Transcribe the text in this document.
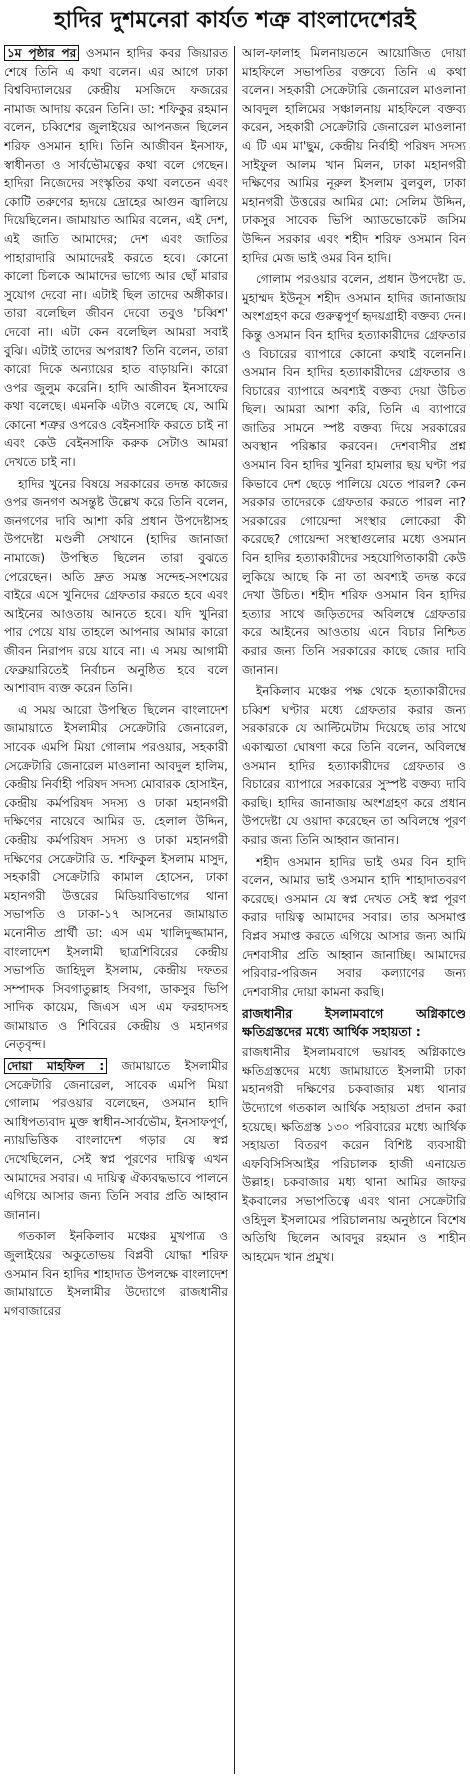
হাদির দুশমনেরা কার্যত শত্রু বাংলাদেশেরই

১ম পৃষ্ঠার পর ওসমান হাদির কবর জিয়ারত শেষে তিনি এ কথা বলেন। এর আগে ঢাকা বিশ্ববিদ্যালয়ের কেন্দ্রীয় মসজিদে ফজরের নামাজ আদায় করেন তিনি। ডা: শফিকুর রহমান বলেন, চব্বিশের জুলাইয়ের আপনজন ছিলেন শরিফ ওসমান হাদি। তিনি আজীবন ইনসাফ, স্বাধীনতা ও সার্বভৌমত্বের কথা বলে গেছেন। হাদিরা নিজেদের সংস্কৃতির কথা বলতেন এবং কোটি তরুণের হৃদয়ে দ্রোহের আগুন জ্বালিয়ে দিয়েছিলেন। জামায়াত আমির বলেন, এই দেশ, এই জাতি আমাদের; দেশ এবং জাতির পাহারাদারি আমাদেরই করতে হবে। কোনো কালো চিলকে আমাদের ভাগ্যে আর ছোঁ মারার সুযোগ দেবো না। এটাই ছিল তাদের অঙ্গীকার। তারা বলেছিল জীবন দেবো তবুও 'চব্বিশ' দেবো না। এটা কেন বলেছিল আমরা সবাই বুঝি। এটাই তাদের অপরাধ? তিনি বলেন, তারা কারো দিকে অন্যায়ের হাত বাড়ায়নি। কারো ওপর জুলুম করেনি। হাদি আজীবন ইনসাফের কথা বলেছে। এমনকি এটাও বলেছে যে, আমি কোনো শত্রুর ওপরেও বেইনসাফি করতে চাই না এবং কেউ বেইনসাফি করুক সেটাও আমরা দেখতে চাই না।

হাদির খুনের বিষয়ে সরকারের তদন্ত কাজের ওপর জনগণ অসন্তুষ্ট উল্লেখ করে তিনি বলেন, জনগণের দাবি আশা করি প্রধান উপদেষ্টাসহ উপদেষ্টা মণ্ডলী সেখানে (হাদির জানাজা নামাজে) উপস্থিত ছিলেন তারা বুঝতে পেরেছেন। অতি দ্রুত সমস্ত সন্দেহ-সংশয়ের বাইরে এসে খুনিদের গ্রেফতার করতে হবে এবং আইনের আওতায় আনতে হবে। যদি খুনিরা পার পেয়ে যায় তাহলে আপনার আমার কারো জীবন নিরাপদ রয়ে যাবে না। এ সময় আগামী ফেব্রুয়ারিতেই নির্বাচন অনুষ্ঠিত হবে বলে আশাবাদ ব্যক্ত করেন তিনি।

এ সময় আরো উপস্থিত ছিলেন বাংলাদেশ জামায়াতে ইসলামীর সেক্রেটারি জেনারেল, সাবেক এমপি মিয়া গোলাম পরওয়ার, সহকারী সেক্রেটারি জেনারেল মাওলানা আবদুল হালিম, কেন্দ্রীয় নির্বাহী পরিষদ সদস্য মোবারক হোসাইন, কেন্দ্রীয় কর্মপরিষদ সদস্য ও ঢাকা মহানগরী দক্ষিণের নায়েবে আমির ড. হেলাল উদ্দিন, কেন্দ্রীয় কর্মপরিষদ সদস্য ও ঢাকা মহানগরী দক্ষিণের সেক্রেটারি ড. শফিকুল ইসলাম মাসুদ, সহকারী সেক্রেটারি কামাল হোসেন, ঢাকা মহানগরী উত্তরের মিডিয়াবিভাগের থানা সভাপতি ও ঢাকা-১৭ আসনের জামায়াত মনোনীত প্রার্থী ডা: এস এম খালিদুজ্জামান, বাংলাদেশ ইসলামী ছাত্রশিবিরের কেন্দ্রীয় সভাপতি জাহিদুল ইসলাম, কেন্দ্রীয় দফতর সম্পাদক সিবগাতুল্লাহ সিবগা, ডাকসুর ভিপি সাদিক কায়েম, জিএস এস এম ফরহাদসহ জামায়াত ও শিবিরের কেন্দ্রীয় ও মহানগর নেতৃবৃন্দ।

দোয়া মাহফিল : জামায়াতে ইসলামীর সেক্রেটারি জেনারেল, সাবেক এমপি মিয়া গোলাম পরওয়ার বলেছেন, ওসমান হাদি আধিপত্যবাদ মুক্ত স্বাধীন-সার্বভৌম, ইনসাফপূর্ণ, ন্যায়ভিত্তিক বাংলাদেশ গড়ার যে স্বপ্ন দেখেছিলেন, সেই স্বপ্ন পূরণের দায়িত্ব এখন আমাদের সবার। এ দায়িত্ব ঐক্যবদ্ধভাবে পালনে এগিয়ে আসার জন্য তিনি সবার প্রতি আহ্বান জানান।

গতকাল ইনকিলাব মঞ্চের মুখপাত্র ও জুলাইয়ের অকুতোভয় বিপ্লবী যোদ্ধা শরিফ ওসমান বিন হাদির শাহাদাত উপলক্ষে বাংলাদেশ জামায়াতে ইসলামীর উদ্যোগে রাজধানীর মগবাজারের

আল-ফালাহ মিলনায়তনে আয়োজিত দোয়া মাহফিলে সভাপতির বক্তব্যে তিনি এ কথা বলেন। সহকারী সেক্রেটারি জেনারেল মাওলানা আবদুল হালিমের সঞ্চালনায় মাহফিলে বক্তব্য করেন, সহকারী সেক্রেটারি জেনারেল মাওলানা এ টি এম মা'ছুম, কেন্দ্রীয় নির্বাহী পরিষদ সদস্য সাইফুল আলম খান মিলন, ঢাকা মহানগরী দক্ষিণের আমির নূরুল ইসলাম বুলবুল, ঢাকা মহানগরী উত্তরের আমির মো: সেলিম উদ্দিন, ঢাকসুর সাবেক ভিপি অ্যাডভোকেট জসিম উদ্দিন সরকার এবং শহীদ শরিফ ওসমান বিন হাদির মেজ ভাই ওমর বিন হাদি।

গোলাম পরওয়ার বলেন, প্রধান উপদেষ্টা ড. মুহাম্মদ ইউনূস শহীদ ওসমান হাদির জানাজায় অংশগ্রহণ করে গুরুত্বপূর্ণ হৃদয়গ্রাহী বক্তব্য দেন। কিন্তু ওসমান বিন হাদির হত্যাকারীদের গ্রেফতার ও বিচারের ব্যাপারে কোনো কথাই বলেননি। ওসমান বিন হাদির হত্যাকারীদের গ্রেফতার ও বিচারের ব্যাপারে অবশ্যই বক্তব্য দেয়া উচিত ছিল। আমরা আশা করি, তিনি এ ব্যাপারে জাতির সামনে স্পষ্ট বক্তব্য দিয়ে সরকারের অবস্থান পরিষ্কার করবেন। দেশবাসীর প্রশ্ন ওসমান বিন হাদির খুনিরা হামলার ছয় ঘণ্টা পর কিভাবে দেশ ছেড়ে পালিয়ে যেতে পারল? কেন সরকার তাদেরকে গ্রেফতার করতে পারল না? সরকারের গোয়েন্দা সংস্থার লোকেরা কী করেছে? গোয়েন্দা সংস্থাগুলোর মধ্যে ওসমান বিন হাদির হত্যাকারীদের সহযোগিতাকারী কেউ লুকিয়ে আছে কি না তা অবশ্যই তদন্ত করে দেখা উচিত। শহীদ শরিফ ওসমান বিন হাদির হত্যার সাথে জড়িতদের অবিলম্বে গ্রেফতার করে আইনের আওতায় এনে বিচার নিশ্চিত করার জন্য তিনি সরকারের কাছে জোর দাবি জানান।

ইনকিলাব মঞ্চের পক্ষ থেকে হত্যাকারীদের চব্বিশ ঘণ্টার মধ্যে গ্রেফতার করার জন্য সরকারকে যে আল্টিমেটাম দিয়েছে তার সাথে একাত্মতা ঘোষণা করে তিনি বলেন, অবিলম্বে ওসমান হাদির হত্যাকারীদের গ্রেফতার ও বিচারের ব্যাপারে সরকারের সুস্পষ্ট বক্তব্য দাবি করছি। হাদির জানাজায় অংশগ্রহণ করে প্রধান উপদেষ্টা যে ওয়াদা করেছেন তা অবিলম্বে পূরণ করার জন্য তিনি আহ্বান জানান।

শহীদ ওসমান হাদির ভাই ওমর বিন হাদি বলেন, আমার ভাই ওসমান হাদি শাহাদাতবরণ করেছে। ওসমান যে স্বপ্ন দেখত সেই স্বপ্ন পূরণ করার দায়িত্ব আমাদের সবার। তার অসমাপ্ত বিপ্লব সমাপ্ত করতে এগিয়ে আসার জন্য আমি দেশবাসীর প্রতি আহ্বান জানাচ্ছি। আমাদের পরিবার-পরিজন সবার কল্যাণের জন্য দেশবাসীর দোয়া কামনা করছি।

রাজধানীর ইসলামবাগে অগ্নিকাণ্ডে ক্ষতিগ্রস্তদের মধ্যে আর্থিক সহায়তা :

রাজধানীর ইসলামবাগে ভয়াবহ অগ্নিকাণ্ডে ক্ষতিগ্রস্তদের মধ্যে জামায়াতে ইসলামী ঢাকা মহানগরী দক্ষিণের চকবাজার মধ্য থানার উদ্যোগে গতকাল আর্থিক সহায়তা প্রদান করা হয়েছে। ক্ষতিগ্রস্ত ১৩০ পরিবারের মধ্যে আর্থিক সহায়তা বিতরণ করেন বিশিষ্ট ব্যবসায়ী এফবিসিসিআইর পরিচালক হাজী এনায়েত উল্লাহ। চকবাজার মধ্য থানা আমির জাফর ইকবালের সভাপতিত্বে এবং থানা সেক্রেটারি ওহিদুল ইসলামের পরিচালনায় অনুষ্ঠানে বিশেষ অতিথি ছিলেন আবদুর রহমান ও শাহীন আহমেদ খান প্রমুখ।
